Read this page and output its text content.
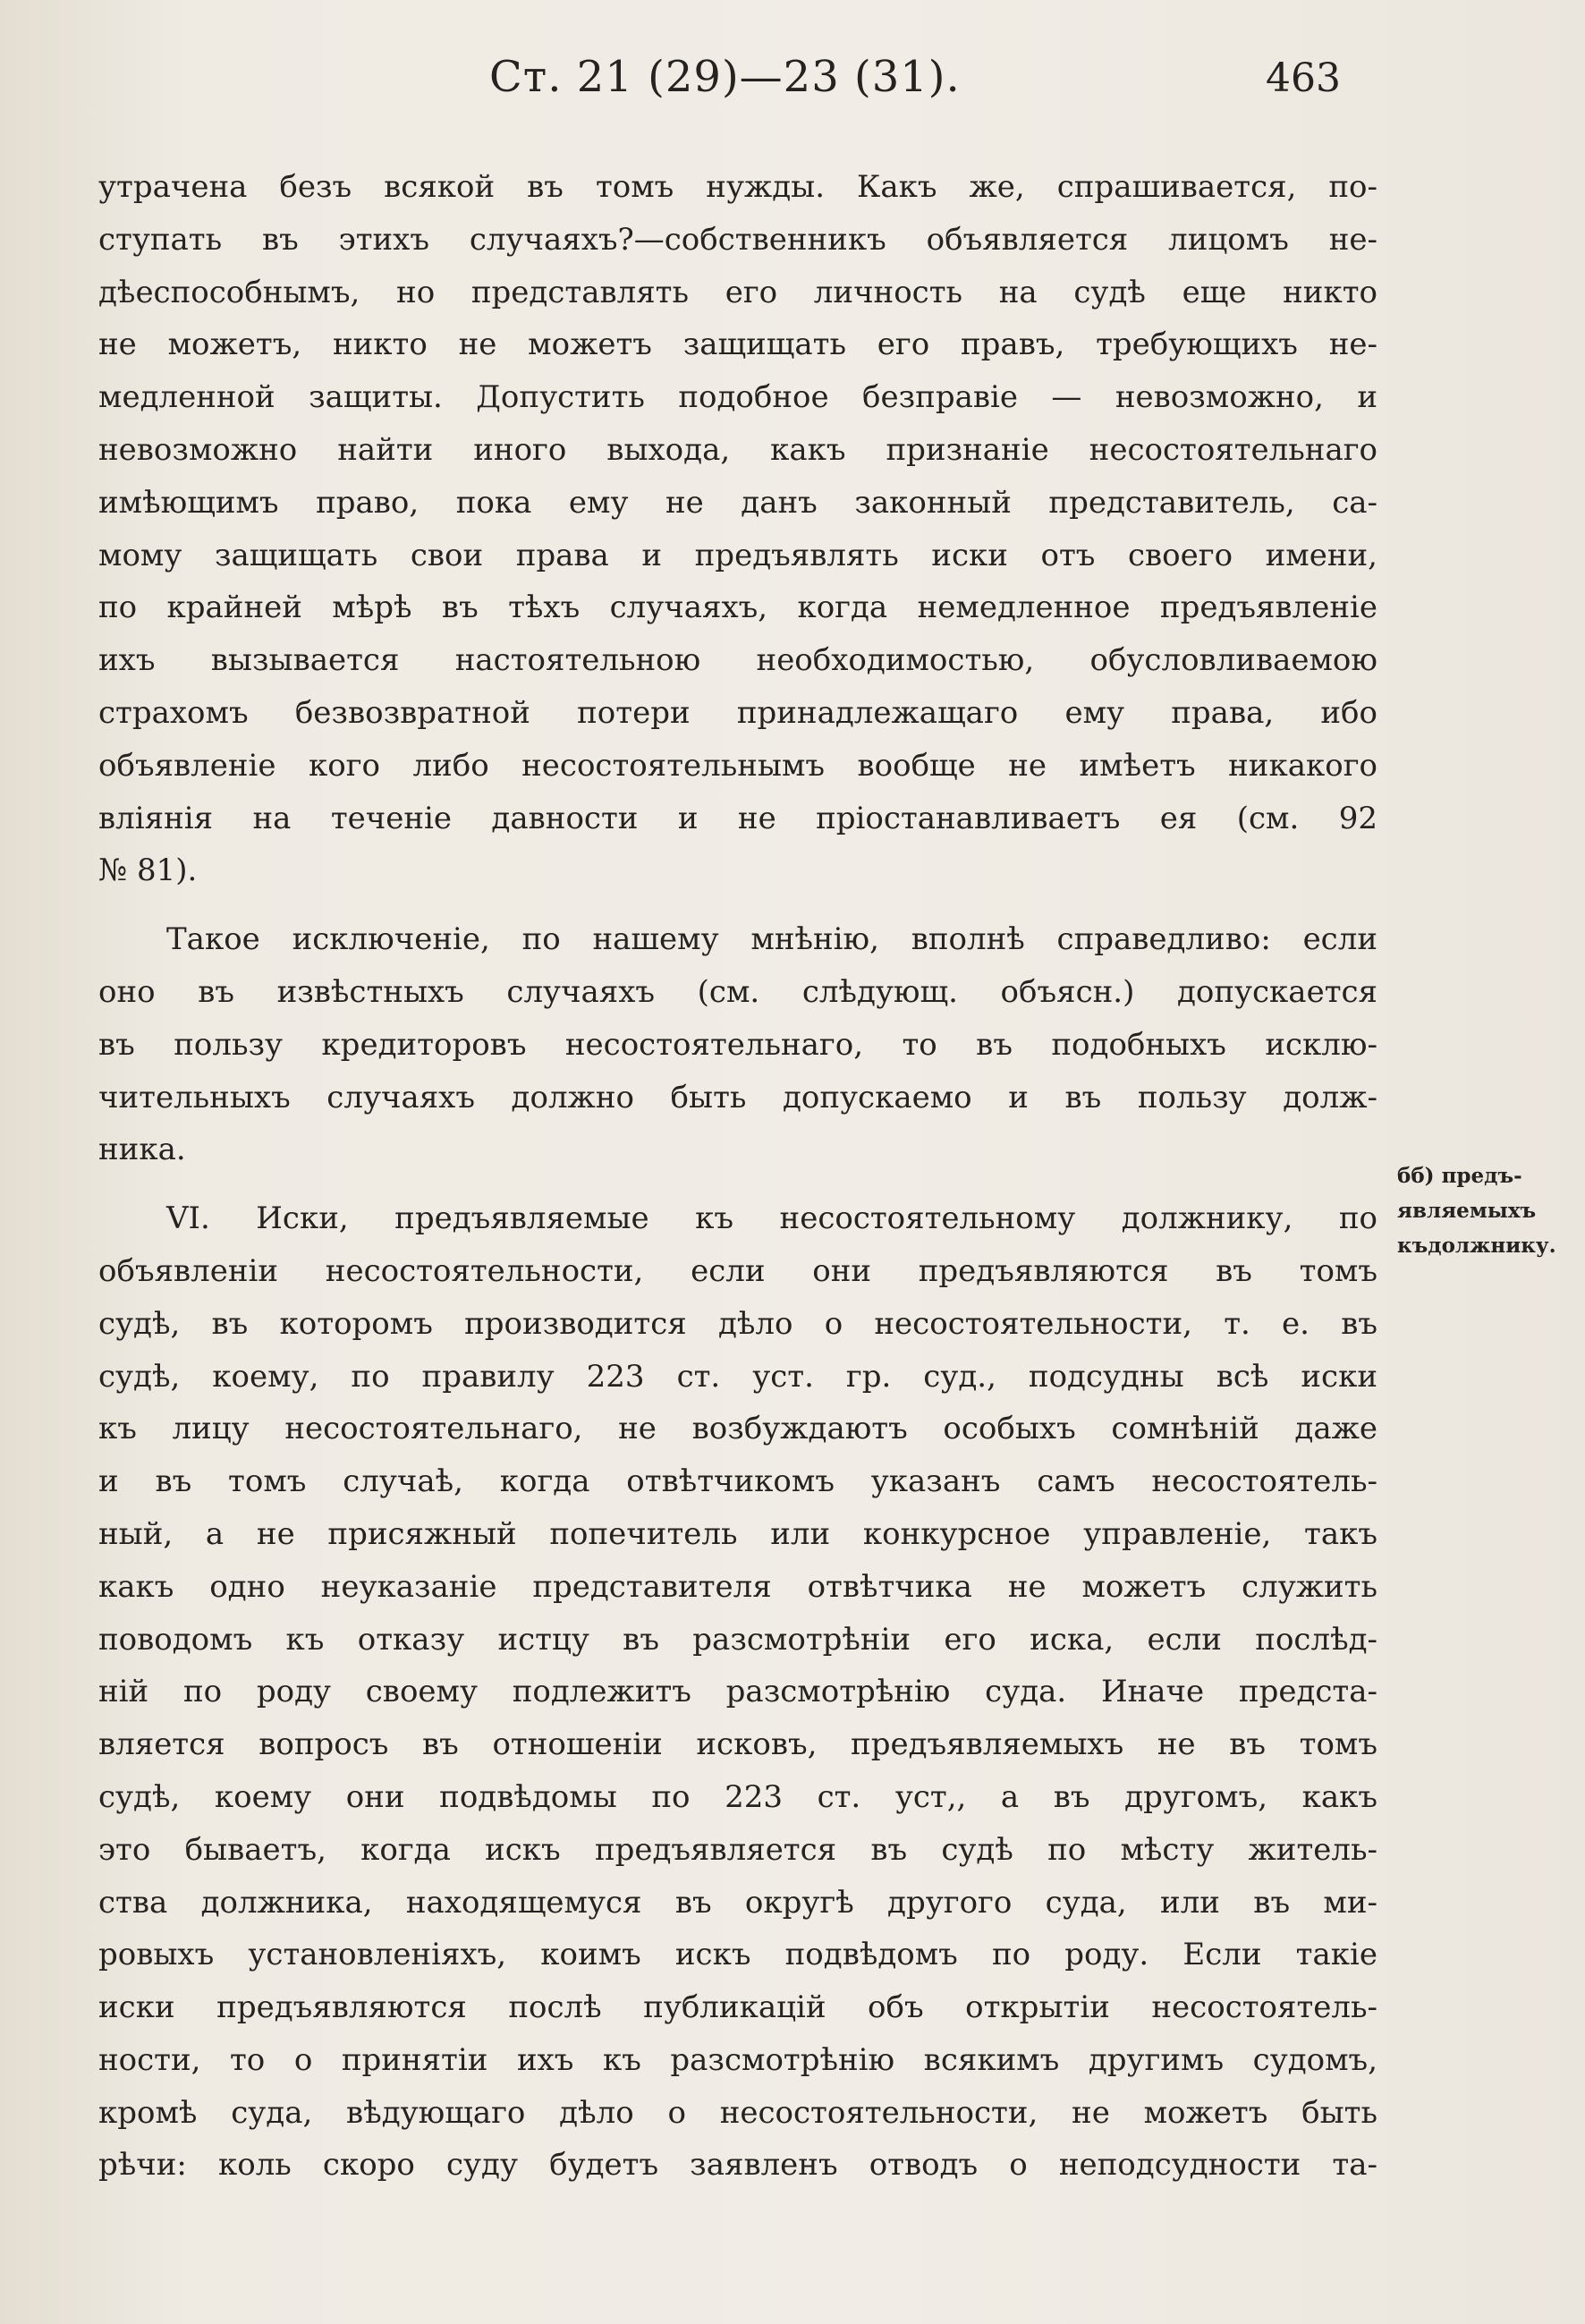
Ст. 21 (29)—23 (31).	463
утрачена безъ всякой въ томъ нужды. Какъ же, спрашивается, по-
ступать въ этихъ случаяхъ?—собственникъ объявляется лицомъ не-
дѣеспособнымъ, но представлять его личность на судѣ еще никто
не можетъ, никто не можетъ защищать его правъ, требующихъ не-
медленной защиты. Допустить подобное безправіе — невозможно, и
невозможно найти иного выхода, какъ признаніе несостоятельнаго
имѣющимъ право, пока ему не данъ законный представитель, са-
мому защищать свои права и предъявлять иски отъ своего имени,
по крайней мѣрѣ въ тѣхъ случаяхъ, когда немедленное предъявленіе
ихъ вызывается настоятельною необходимостью, обусловливаемою
страхомъ безвозвратной потери принадлежащаго ему права, ибо
объявленіе кого либо несостоятельнымъ вообще не имѣетъ никакого
вліянія на теченіе давности и не пріостанавливаетъ ея (см. 92
№ 81).
Такое исключеніе, по нашему мнѣнію, вполнѣ справедливо: если
оно въ извѣстныхъ случаяхъ (см. слѣдующ. объясн.) допускается
въ пользу кредиторовъ несостоятельнаго, то въ подобныхъ исклю-
чительныхъ случаяхъ должно быть допускаемо и въ пользу долж-
ника.
VI. Иски, предъявляемые къ несостоятельному должнику, по
объявленіи несостоятельности, если они предъявляются въ томъ
судѣ, въ которомъ производится дѣло о несостоятельности, т. е. въ
судѣ, коему, по правилу 223 ст. уст. гр. суд., подсудны всѣ иски
къ лицу несостоятельнаго, не возбуждаютъ особыхъ сомнѣній даже
и въ томъ случаѣ, когда отвѣтчикомъ указанъ самъ несостоятель-
ный, а не присяжный попечитель или конкурсное управленіе, такъ
какъ одно неуказаніе представителя отвѣтчика не можетъ служить
поводомъ къ отказу истцу въ разсмотрѣніи его иска, если послѣд-
ній по роду своему подлежитъ разсмотрѣнію суда. Иначе предста-
вляется вопросъ въ отношеніи исковъ, предъявляемыхъ не въ томъ
судѣ, коему они подвѣдомы по 223 ст. уст,, а въ другомъ, какъ
это бываетъ, когда искъ предъявляется въ судѣ по мѣсту житель-
ства должника, находящемуся въ округѣ другого суда, или въ ми-
ровыхъ установленіяхъ, коимъ искъ подвѣдомъ по роду. Если такіе
иски предъявляются послѣ публикацій объ открытіи несостоятель-
ности, то о принятіи ихъ къ разсмотрѣнію всякимъ другимъ судомъ,
кромѣ суда, вѣдующаго дѣло о несостоятельности, не можетъ быть
рѣчи: коль скоро суду будетъ заявленъ отводъ о неподсудности та-
бб) предъ-
являемыхъ
къдолжнику.
